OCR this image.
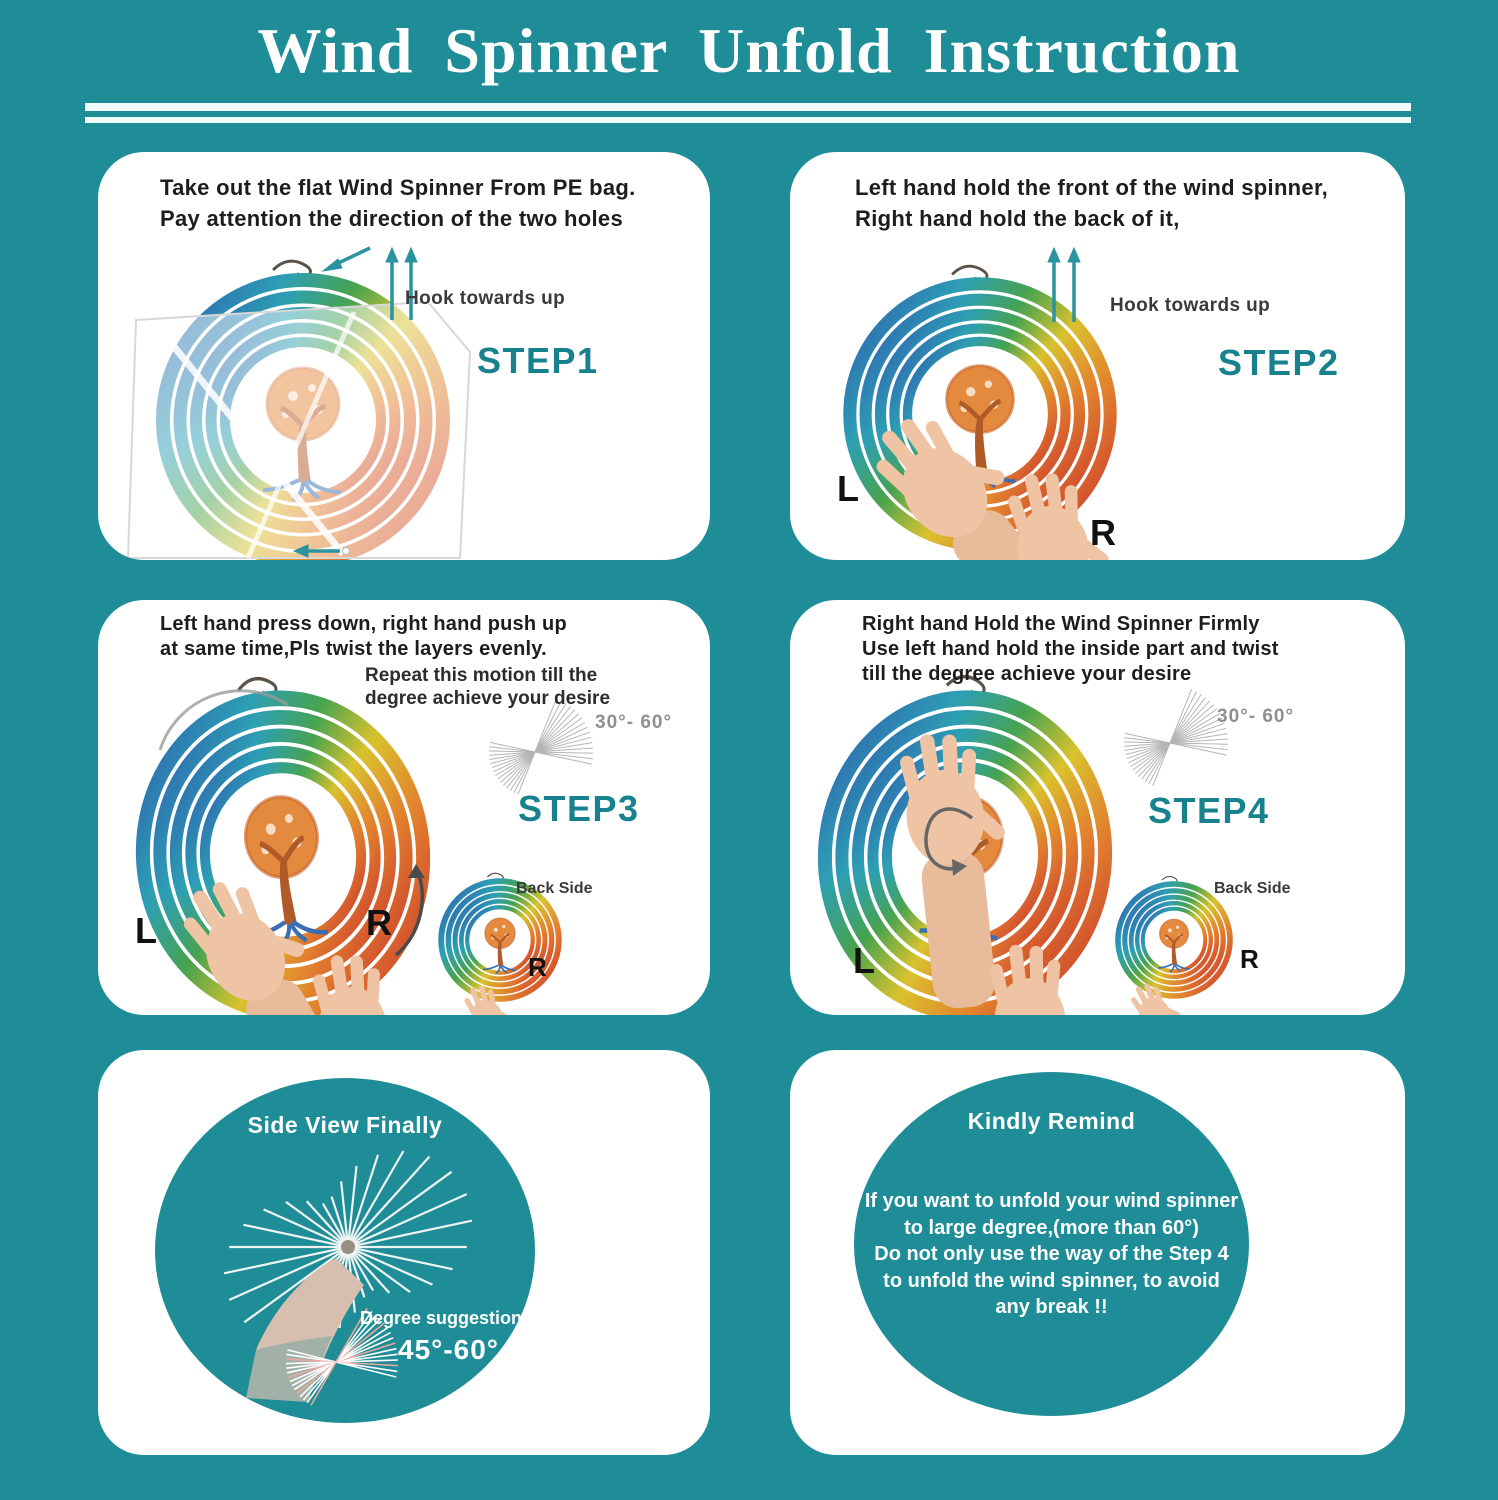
Wind Spinner Unfold Instruction
Take out the flat Wind Spinner From PE bag.
Pay attention the direction of the two holes
Hook towards up
STEP1
Left hand hold the front of the wind spinner,
Right hand hold the back of it,
Hook towards up
STEP2
L
R
Left hand press down, right hand push up
at same time,Pls twist the layers evenly.
Repeat this motion till the
degree achieve your desire
30°- 60°
STEP3
L	R
Back Side
R
Right hand Hold the Wind Spinner Firmly
Use left hand hold the inside part and twist
till the degree achieve your desire
30°- 60°
STEP4
L
Back Side
R
Side View Finally
Degree suggestion
45°-60° +
Kindly Remind
If you want to unfold your wind spinner
to large degree,(more than 60°)
Do not only use the way of the Step 4
to unfold the wind spinner, to avoid
any break !!
